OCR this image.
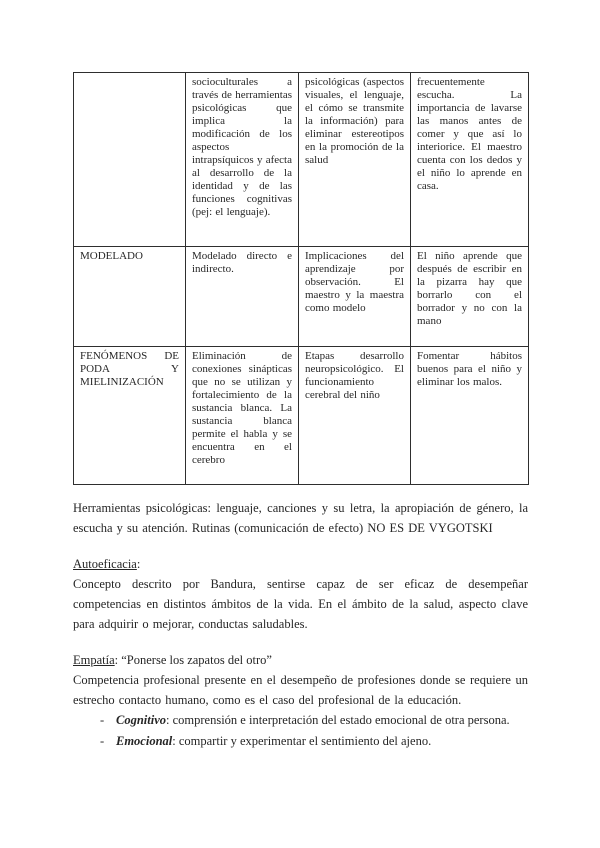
	socioculturales a través de herramientas psicológicas que implica la modificación de los aspectos intrapsíquicos y afecta al desarrollo de la identidad y de las funciones cognitivas (pej: el lenguaje).	psicológicas (aspectos visuales, el lenguaje, el cómo se transmite la información) para eliminar estereotipos en la promoción de la salud	frecuentemente escucha. La importancia de lavarse las manos antes de comer y que así lo interiorice. El maestro cuenta con los dedos y el niño lo aprende en casa.
MODELADO	Modelado directo e indirecto.	Implicaciones del aprendizaje por observación. El maestro y la maestra como modelo	El niño aprende que después de escribir en la pizarra hay que borrarlo con el borrador y no con la mano
FENÓMENOS DE PODA Y MIELINIZACIÓN	Eliminación de conexiones sinápticas que no se utilizan y fortalecimiento de la sustancia blanca. La sustancia blanca permite el habla y se encuentra en el cerebro	Etapas desarrollo neuropsicológico. El funcionamiento cerebral del niño	Fomentar hábitos buenos para el niño y eliminar los malos.

Herramientas psicológicas: lenguaje, canciones y su letra, la apropiación de género, la escucha y su atención. Rutinas (comunicación de efecto) NO ES DE VYGOTSKI

Autoeficacia:

Concepto descrito por Bandura, sentirse capaz de ser eficaz de desempeñar competencias en distintos ámbitos de la vida. En el ámbito de la salud, aspecto clave para adquirir o mejorar, conductas saludables.

Empatía: “Ponerse los zapatos del otro”

Competencia profesional presente en el desempeño de profesiones donde se requiere un estrecho contacto humano, como es el caso del profesional de la educación.

- Cognitivo: comprensión e interpretación del estado emocional de otra persona.
- Emocional: compartir y experimentar el sentimiento del ajeno.
